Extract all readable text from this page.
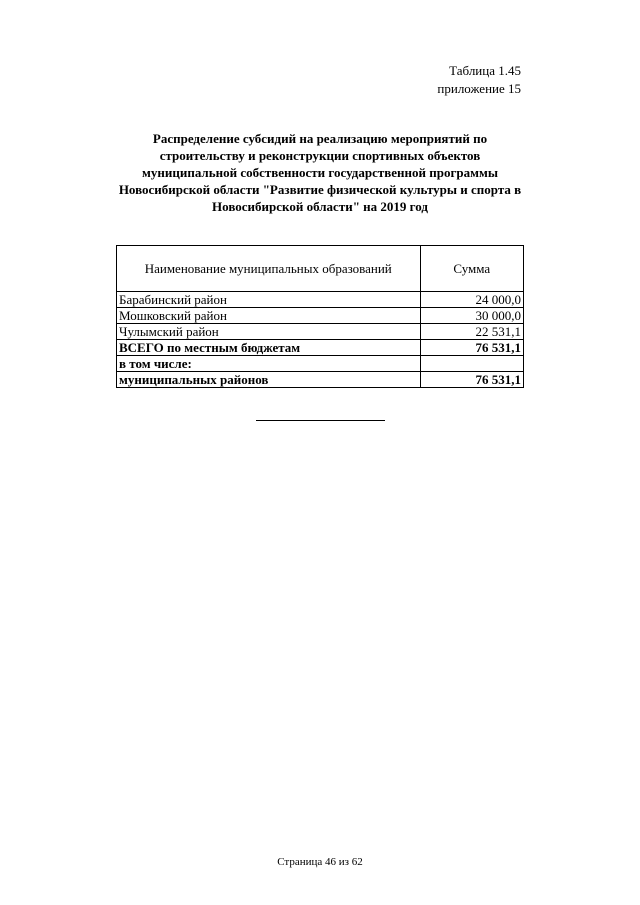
Таблица 1.45
приложение 15
Распределение субсидий на реализацию мероприятий по
строительству и реконструкции спортивных объектов
муниципальной собственности государственной программы
Новосибирской области "Развитие физической культуры и спорта в
Новосибирской области" на 2019 год
Наименование муниципальных образований	Сумма
Барабинский район	24 000,0
Мошковский район	30 000,0
Чулымский район	22 531,1
ВСЕГО по местным бюджетам	76 531,1
в том числе:	
муниципальных районов	76 531,1
Страница 46 из 62
